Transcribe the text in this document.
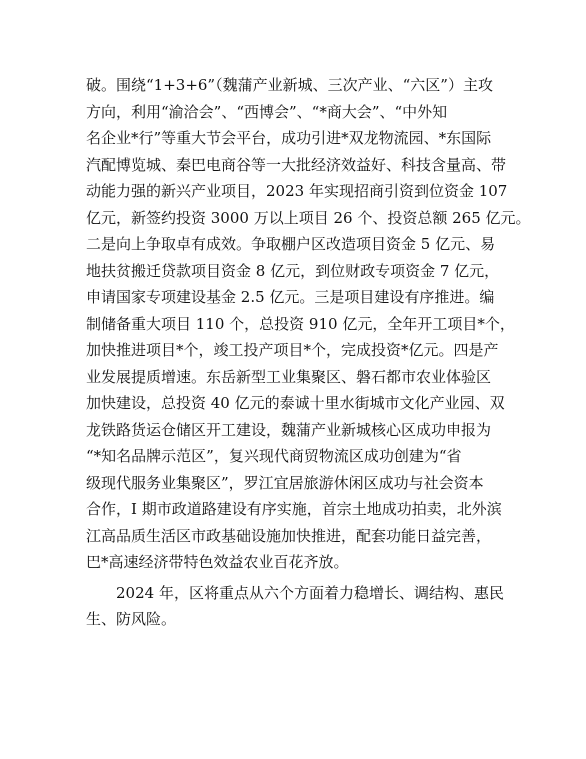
破。围绕“1+3+6”（魏蒲产业新城、三次产业、“六区”）主攻
方向，利用“渝洽会”、“西博会”、“*商大会”、“中外知
名企业*行”等重大节会平台，成功引进*双龙物流园、*东国际
汽配博览城、秦巴电商谷等一大批经济效益好、科技含量高、带
动能力强的新兴产业项目，2023 年实现招商引资到位资金 107
亿元，新签约投资 3000 万以上项目 26 个、投资总额 265 亿元。
二是向上争取卓有成效。争取棚户区改造项目资金 5 亿元、易
地扶贫搬迁贷款项目资金 8 亿元，到位财政专项资金 7 亿元，
申请国家专项建设基金 2.5 亿元。三是项目建设有序推进。编
制储备重大项目 110 个，总投资 910 亿元，全年开工项目*个，
加快推进项目*个，竣工投产项目*个，完成投资*亿元。四是产
业发展提质增速。东岳新型工业集聚区、磐石都市农业体验区
加快建设，总投资 40 亿元的泰诚十里水街城市文化产业园、双
龙铁路货运仓储区开工建设，魏蒲产业新城核心区成功申报为
“*知名品牌示范区”，复兴现代商贸物流区成功创建为“省
级现代服务业集聚区”，罗江宜居旅游休闲区成功与社会资本
合作，I 期市政道路建设有序实施，首宗土地成功拍卖，北外滨
江高品质生活区市政基础设施加快推进，配套功能日益完善，
巴*高速经济带特色效益农业百花齐放。
2024 年，区将重点从六个方面着力稳增长、调结构、惠民
生、防风险。
